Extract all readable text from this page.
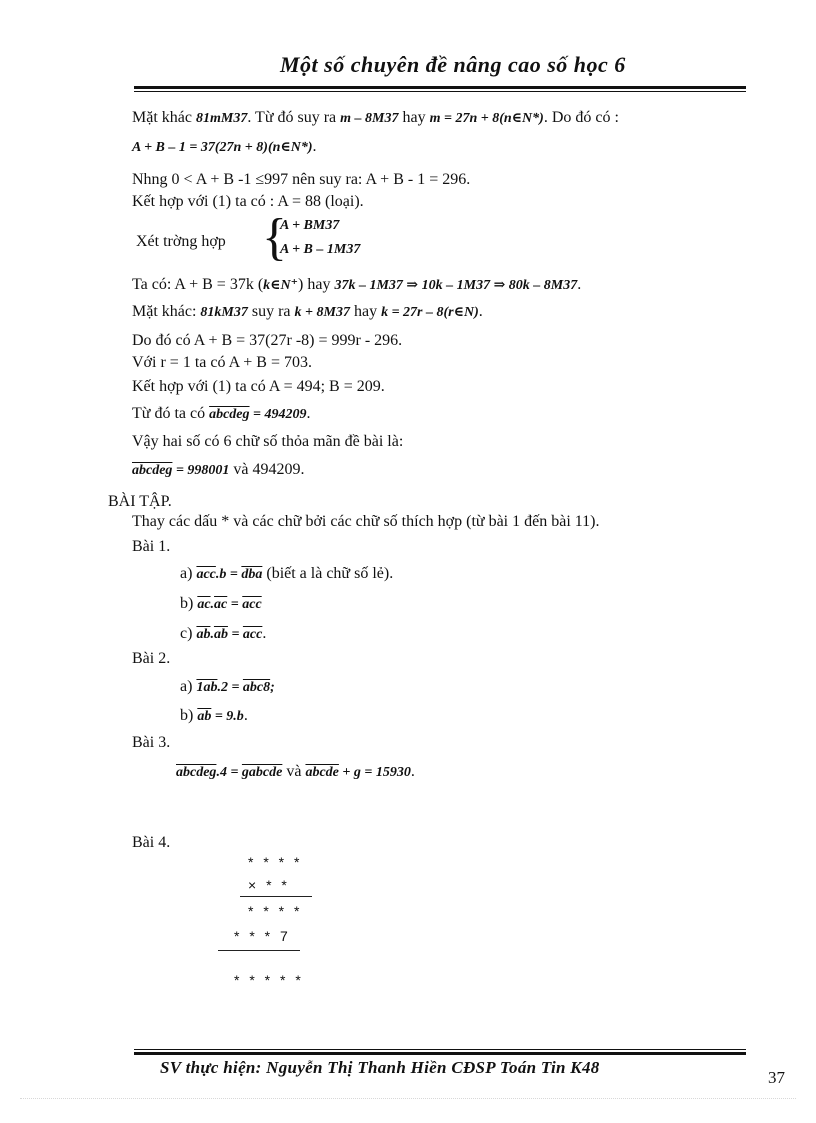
Một số chuyên đề nâng cao số học 6
Mặt khác 81mM37. Từ đó suy ra m – 8M37 hay m = 27n + 8(n∈N*). Do đó có :
A + B – 1 = 37(27n + 8)(n∈N*).
Nhng 0 < A + B -1 ≤997 nên suy ra: A + B - 1 = 296.
Kết hợp với (1) ta có : A = 88 (loại).
Xét trờng hợp {
A + BM37
A + B – 1M37
Ta có: A + B = 37k (k∈N⁺) hay 37k – 1M37 ⇒ 10k – 1M37 ⇒ 80k – 8M37.
Mặt khác: 81kM37 suy ra k + 8M37 hay k = 27r – 8(r∈N).
Do đó có A + B = 37(27r -8) = 999r - 296.
Với r = 1 ta có A + B = 703.
Kết hợp với (1) ta có A = 494; B = 209.
Từ đó ta có abcdeg = 494209.
Vậy hai số có 6 chữ số thỏa mãn đề bài là:
abcdeg = 998001 và 494209.
BÀI TẬP.
Thay các dấu * và các chữ bởi các chữ số thích hợp (từ bài 1 đến bài 11).
Bài 1.
a) $\overline{acc}.b = \overline{dba}$ (biết a là chữ số lẻ).
b) $\overline{ac}.\overline{ac} = \overline{acc}$
c) $\overline{ab}.\overline{ab} = \overline{acc}$.
Bài 2.
a) 1ab.2 = abc8;
b) $\overline{ab} = 9.b$.
Bài 3.
abcdeg.4 = gabcde và abcde + g = 15930.
Bài 4.
* * * *
× * *
* * * *
* * * 7
* * * * *
SV thực hiện: Nguyễn Thị Thanh Hiền CĐSP Toán Tin K48
37
